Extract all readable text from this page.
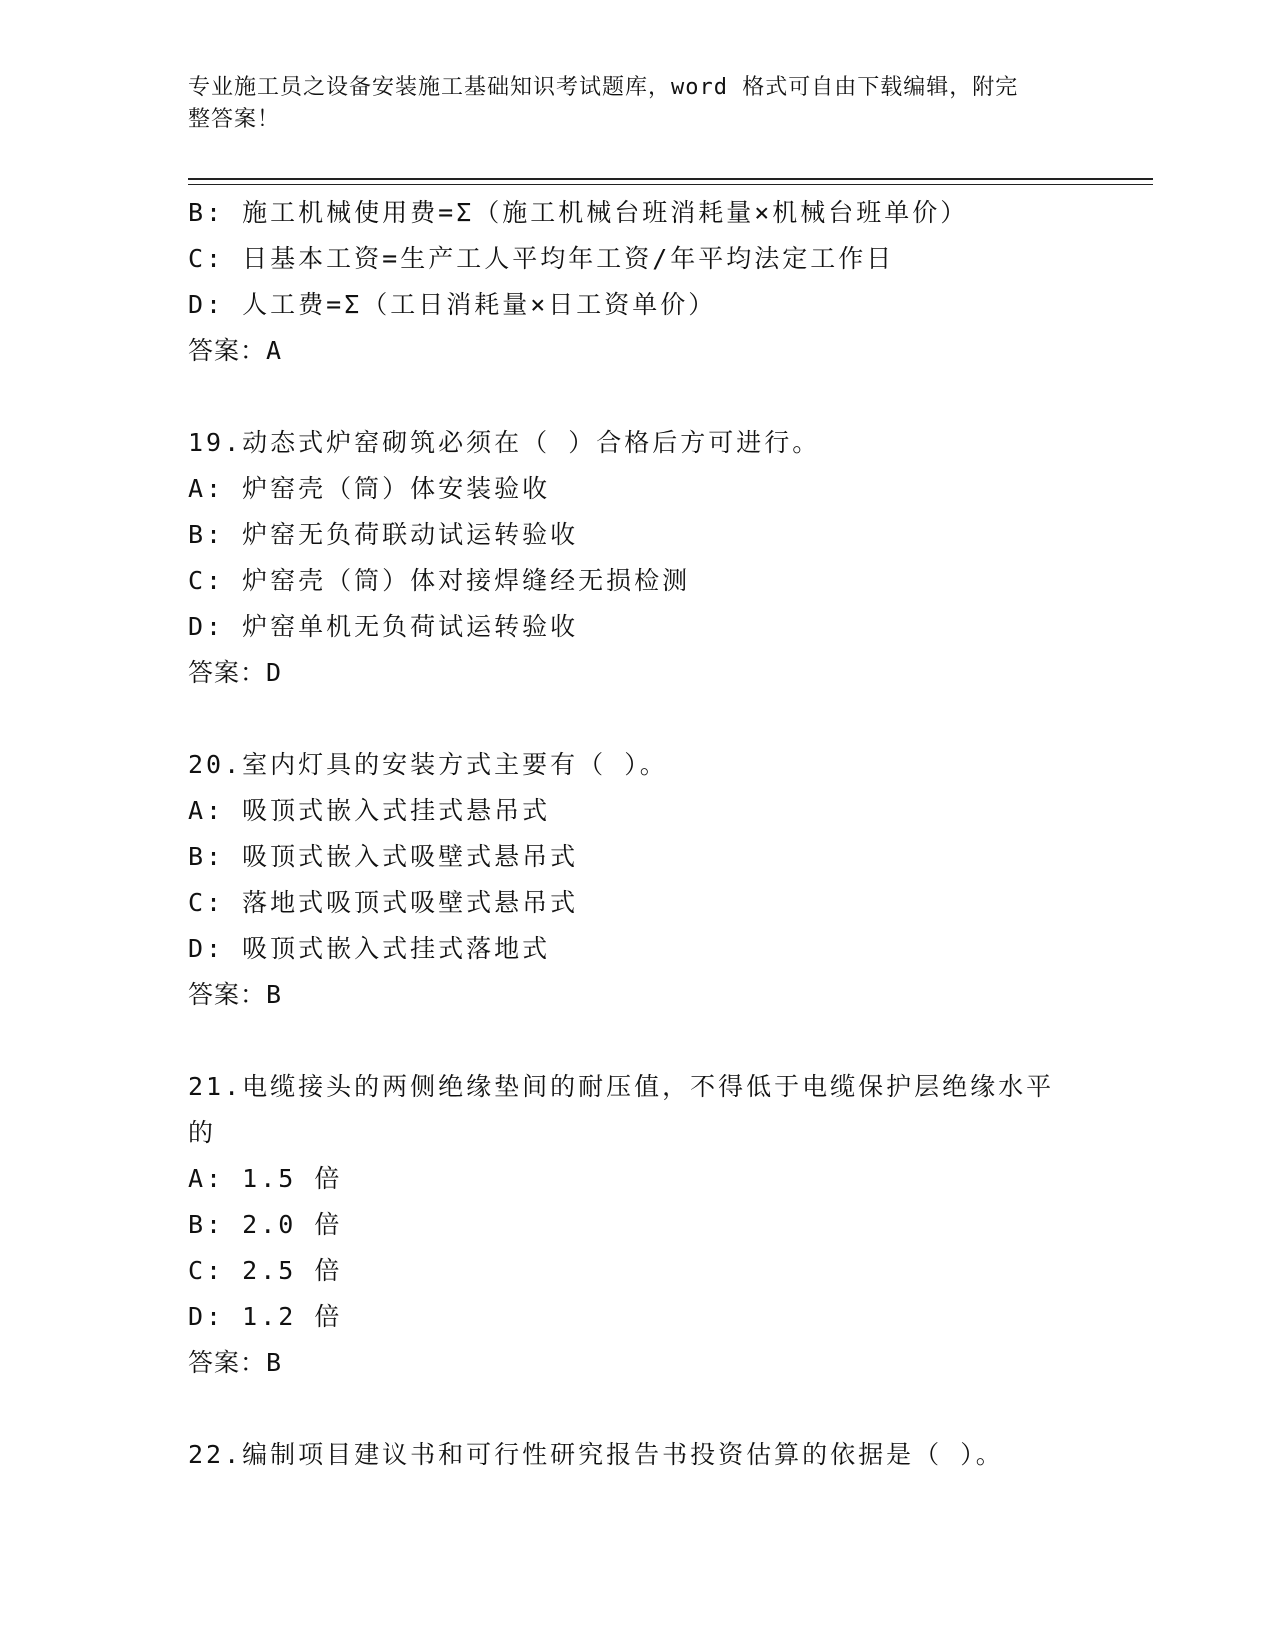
专业施工员之设备安装施工基础知识考试题库，word 格式可自由下载编辑，附完
整答案！
B: 施工机械使用费=Σ（施工机械台班消耗量×机械台班单价）
C: 日基本工资=生产工人平均年工资/年平均法定工作日
D: 人工费=Σ（工日消耗量×日工资单价）
答案：A
19.动态式炉窑砌筑必须在（ ）合格后方可进行。
A: 炉窑壳（筒）体安装验收
B: 炉窑无负荷联动试运转验收
C: 炉窑壳（筒）体对接焊缝经无损检测
D: 炉窑单机无负荷试运转验收
答案：D
20.室内灯具的安装方式主要有（ ）。
A: 吸顶式嵌入式挂式悬吊式
B: 吸顶式嵌入式吸壁式悬吊式
C: 落地式吸顶式吸壁式悬吊式
D: 吸顶式嵌入式挂式落地式
答案：B
21.电缆接头的两侧绝缘垫间的耐压值，不得低于电缆保护层绝缘水平
的
A: 1.5 倍
B: 2.0 倍
C: 2.5 倍
D: 1.2 倍
答案：B
22.编制项目建议书和可行性研究报告书投资估算的依据是（ ）。
